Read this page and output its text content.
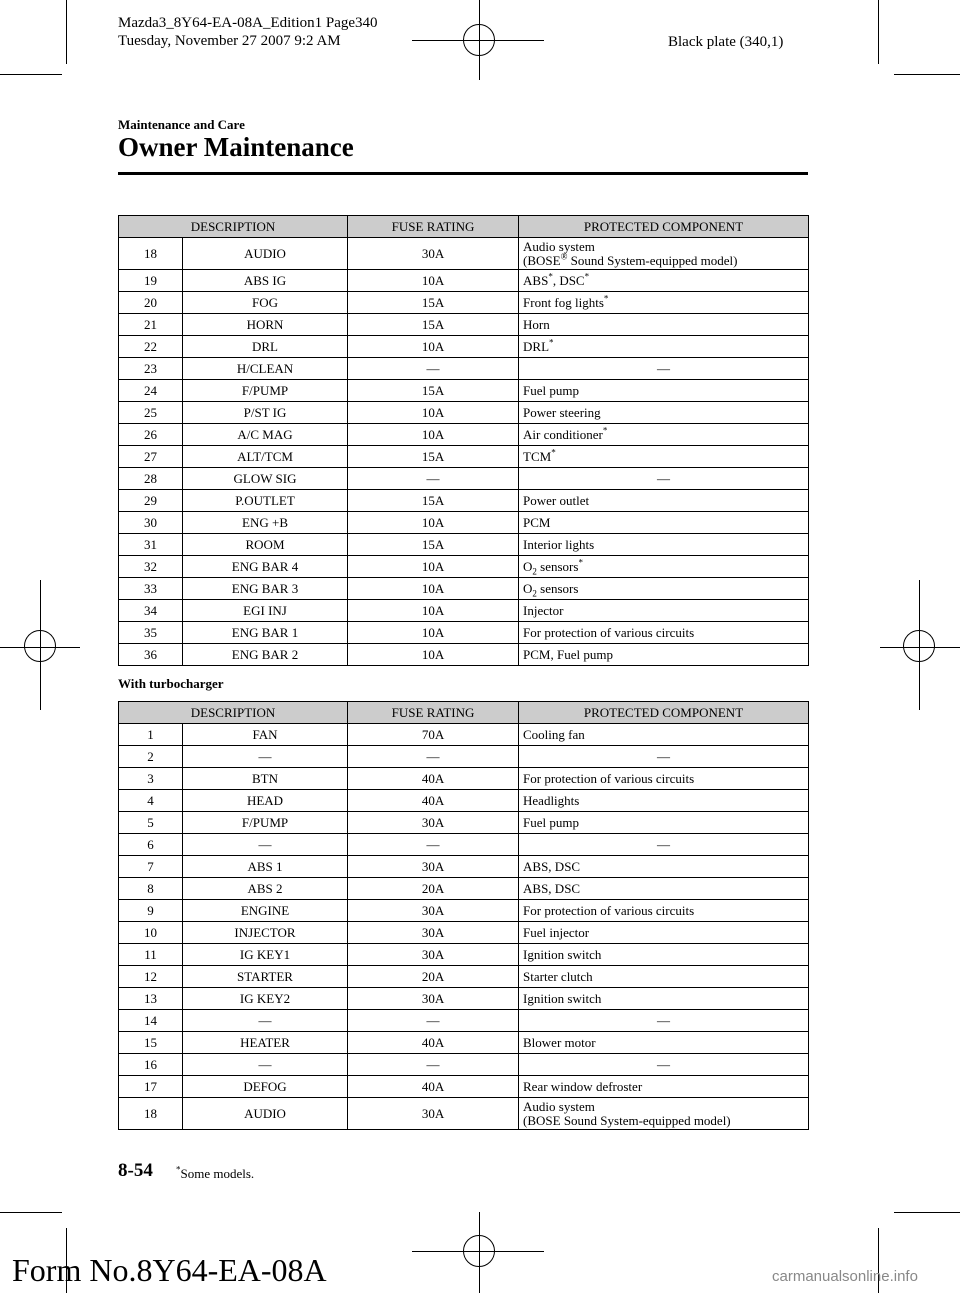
Mazda3_8Y64-EA-08A_Edition1 Page340
Tuesday, November 27 2007 9:2 AM	Black plate (340,1)
Maintenance and Care
Owner Maintenance
DESCRIPTION		FUSE RATING	PROTECTED COMPONENT
18	AUDIO	30A	Audio system
(BOSE® Sound System-equipped model)
19	ABS IG	10A	ABS*, DSC*
20	FOG	15A	Front fog lights*
21	HORN	15A	Horn
22	DRL	10A	DRL*
23	H/CLEAN	―	―
24	F/PUMP	15A	Fuel pump
25	P/ST IG	10A	Power steering
26	A/C MAG	10A	Air conditioner*
27	ALT/TCM	15A	TCM*
28	GLOW SIG	―	―
29	P.OUTLET	15A	Power outlet
30	ENG +B	10A	PCM
31	ROOM	15A	Interior lights
32	ENG BAR 4	10A	$O_2$ sensors*
33	ENG BAR 3	10A	$O_2$ sensors
34	EGI INJ	10A	Injector
35	ENG BAR 1	10A	For protection of various circuits
36	ENG BAR 2	10A	PCM, Fuel pump
With turbocharger
DESCRIPTION		FUSE RATING	PROTECTED COMPONENT
1	FAN	70A	Cooling fan
2	―	―	―
3	BTN	40A	For protection of various circuits
4	HEAD	40A	Headlights
5	F/PUMP	30A	Fuel pump
6	―	―	―
7	ABS 1	30A	ABS, DSC
8	ABS 2	20A	ABS, DSC
9	ENGINE	30A	For protection of various circuits
10	INJECTOR	30A	Fuel injector
11	IG KEY1	30A	Ignition switch
12	STARTER	20A	Starter clutch
13	IG KEY2	30A	Ignition switch
14	―	―	―
15	HEATER	40A	Blower motor
16	―	―	―
17	DEFOG	40A	Rear window defroster
18	AUDIO	30A	Audio system
(BOSE Sound System-equipped model)
8-54	*Some models.
Form No.8Y64-EA-08A	carmanualsonline.info
